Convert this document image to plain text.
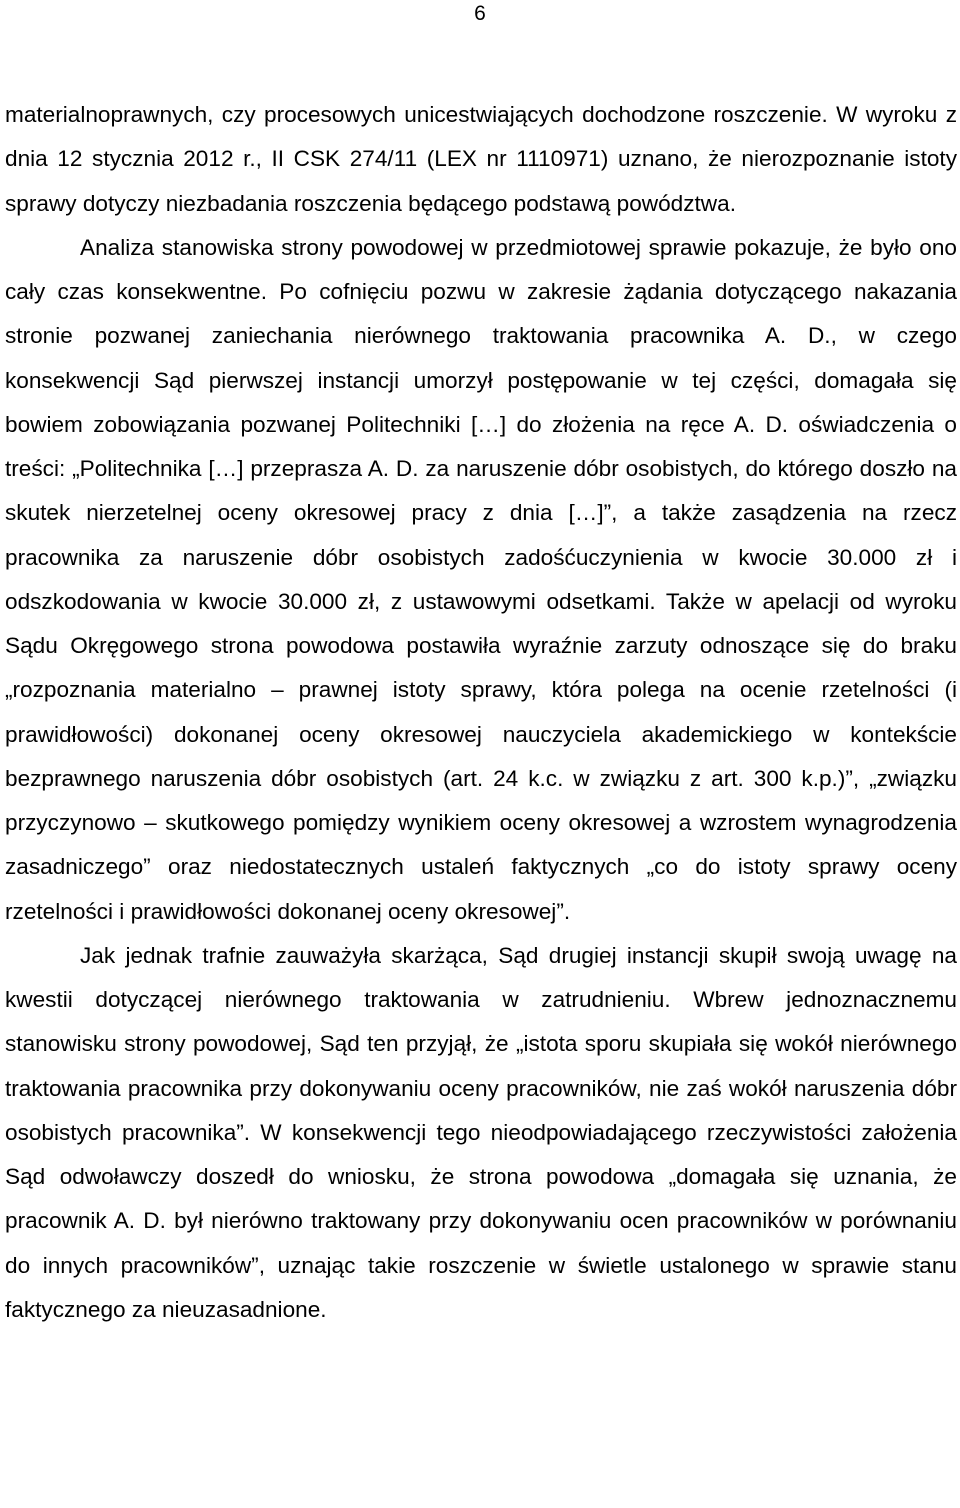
6

materialnoprawnych, czy procesowych unicestwiających dochodzone roszczenie. W wyroku z dnia 12 stycznia 2012 r., II CSK 274/11 (LEX nr 1110971) uznano, że nierozpoznanie istoty sprawy dotyczy niezbadania roszczenia będącego podstawą powództwa.

Analiza stanowiska strony powodowej w przedmiotowej sprawie pokazuje, że było ono cały czas konsekwentne. Po cofnięciu pozwu w zakresie żądania dotyczącego nakazania stronie pozwanej zaniechania nierównego traktowania pracownika A. D., w czego konsekwencji Sąd pierwszej instancji umorzył postępowanie w tej części, domagała się bowiem zobowiązania pozwanej Politechniki […] do złożenia na ręce A. D. oświadczenia o treści: „Politechnika […] przeprasza A. D. za naruszenie dóbr osobistych, do którego doszło na skutek nierzetelnej oceny okresowej pracy z dnia […]”, a także zasądzenia na rzecz pracownika za naruszenie dóbr osobistych zadośćuczynienia w kwocie 30.000 zł i odszkodowania w kwocie 30.000 zł, z ustawowymi odsetkami. Także w apelacji od wyroku Sądu Okręgowego strona powodowa postawiła wyraźnie zarzuty odnoszące się do braku „rozpoznania materialno – prawnej istoty sprawy, która polega na ocenie rzetelności (i prawidłowości) dokonanej oceny okresowej nauczyciela akademickiego w kontekście bezprawnego naruszenia dóbr osobistych (art. 24 k.c. w związku z art. 300 k.p.)”, „związku przyczynowo – skutkowego pomiędzy wynikiem oceny okresowej a wzrostem wynagrodzenia zasadniczego” oraz niedostatecznych ustaleń faktycznych „co do istoty sprawy oceny rzetelności i prawidłowości dokonanej oceny okresowej”.

Jak jednak trafnie zauważyła skarżąca, Sąd drugiej instancji skupił swoją uwagę na kwestii dotyczącej nierównego traktowania w zatrudnieniu. Wbrew jednoznacznemu stanowisku strony powodowej, Sąd ten przyjął, że „istota sporu skupiała się wokół nierównego traktowania pracownika przy dokonywaniu oceny pracowników, nie zaś wokół naruszenia dóbr osobistych pracownika”. W konsekwencji tego nieodpowiadającego rzeczywistości założenia Sąd odwoławczy doszedł do wniosku, że strona powodowa „domagała się uznania, że pracownik A. D. był nierówno traktowany przy dokonywaniu ocen pracowników w porównaniu do innych pracowników”, uznając takie roszczenie w świetle ustalonego w sprawie stanu faktycznego za nieuzasadnione.
